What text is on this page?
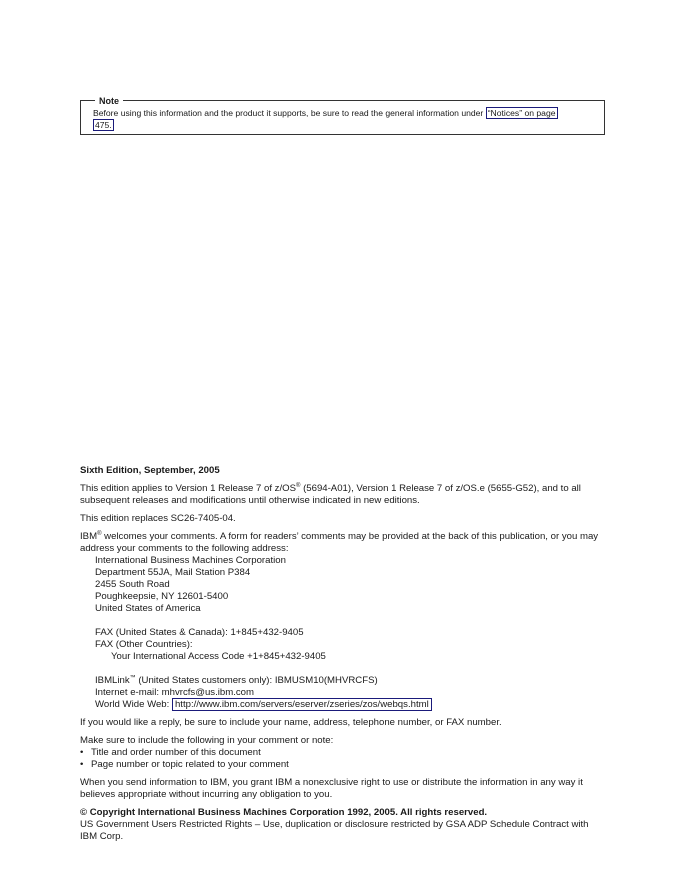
Note
Before using this information and the product it supports, be sure to read the general information under “Notices” on page
475.

Sixth Edition, September, 2005

This edition applies to Version 1 Release 7 of z/OS® (5694-A01), Version 1 Release 7 of z/OS.e (5655-G52), and to all subsequent releases and modifications until otherwise indicated in new editions.

This edition replaces SC26-7405-04.

IBM® welcomes your comments. A form for readers’ comments may be provided at the back of this publication, or you may address your comments to the following address:

International Business Machines Corporation
Department 55JA, Mail Station P384
2455 South Road
Poughkeepsie, NY 12601-5400
United States of America
FAX (United States & Canada): 1+845+432-9405
FAX (Other Countries):
Your International Access Code +1+845+432-9405
IBMLink™ (United States customers only): IBMUSM10(MHVRCFS)
Internet e-mail: mhvrcfs@us.ibm.com
World Wide Web: http://www.ibm.com/servers/eserver/zseries/zos/webqs.html

If you would like a reply, be sure to include your name, address, telephone number, or FAX number.

Make sure to include the following in your comment or note:

• Title and order number of this document
• Page number or topic related to your comment

When you send information to IBM, you grant IBM a nonexclusive right to use or distribute the information in any way it believes appropriate without incurring any obligation to you.

© Copyright International Business Machines Corporation 1992, 2005. All rights reserved.

US Government Users Restricted Rights – Use, duplication or disclosure restricted by GSA ADP Schedule Contract with IBM Corp.
